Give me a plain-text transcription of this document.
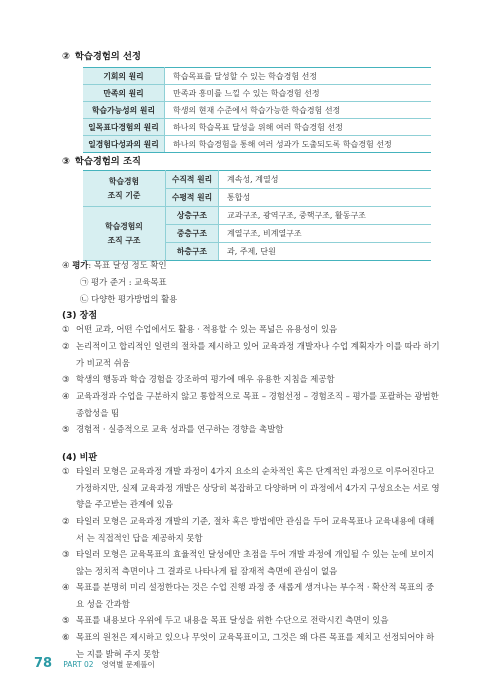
② 학습경험의 선정
기회의 원리	학습목표를 달성할 수 있는 학습경험 선정
만족의 원리	만족과 흥미를 느낄 수 있는 학습경험 선정
학습가능성의 원리	학생의 현재 수준에서 학습가능한 학습경험 선정
일목표다경험의 원리	하나의 학습목표 달성을 위해 여러 학습경험 선정
일경험다성과의 원리	하나의 학습경험을 통해 여러 성과가 도출되도록 학습경험 선정
③ 학습경험의 조직
학습경험
조직 기준	수직적 원리	계속성, 계열성
	수평적 원리	통합성

학습경험의
조직 구조	상층구조	교과구조, 광역구조, 중핵구조, 활동구조
	중층구조	계열구조, 비계열구조
	하층구조	과, 주제, 단원
④ 평가: 목표 달성 정도 확인
㉠ 평가 준거 : 교육목표
㉡ 다양한 평가방법의 활용
(3) 장점
① 어떤 교과, 어떤 수업에서도 활용 · 적용할 수 있는 폭넓은 유용성이 있음
② 논리적이고 합리적인 일련의 절차를 제시하고 있어 교육과정 개발자나 수업 계획자가 이를 따라 하기 가 비교적 쉬움
③ 학생의 행동과 학습 경험을 강조하여 평가에 매우 유용한 지침을 제공함
④ 교육과정과 수업을 구분하지 않고 통합적으로 목표 – 경험선정 – 경험조직 – 평가를 포괄하는 광범한 종합성을 띰
⑤ 경험적 · 실증적으로 교육 성과를 연구하는 경향을 촉발함
(4) 비판
① 타일러 모형은 교육과정 개발 과정이 4가지 요소의 순차적인 혹은 단계적인 과정으로 이루어진다고 가정하지만, 실제 교육과정 개발은 상당히 복잡하고 다양하며 이 과정에서 4가지 구성요소는 서로 영 향을 주고받는 관계에 있음
② 타일러 모형은 교육과정 개발의 기준, 절차 혹은 방법에만 관심을 두어 교육목표나 교육내용에 대해서 는 직접적인 답을 제공하지 못함
③ 타일러 모형은 교육목표의 효율적인 달성에만 초점을 두어 개발 과정에 개입될 수 있는 눈에 보이지 않는 정치적 측면이나 그 결과로 나타나게 될 잠재적 측면에 관심이 없음
④ 목표를 분명히 미리 설정한다는 것은 수업 진행 과정 중 새롭게 생겨나는 부수적 · 확산적 목표의 중요 성을 간과함
⑤ 목표를 내용보다 우위에 두고 내용을 목표 달성을 위한 수단으로 전락시킨 측면이 있음
⑥ 목표의 원천은 제시하고 있으나 무엇이 교육목표이고, 그것은 왜 다른 목표를 제치고 선정되어야 하는 지를 밝혀 주지 못함
78 PART 02 영역별 문제풀이
